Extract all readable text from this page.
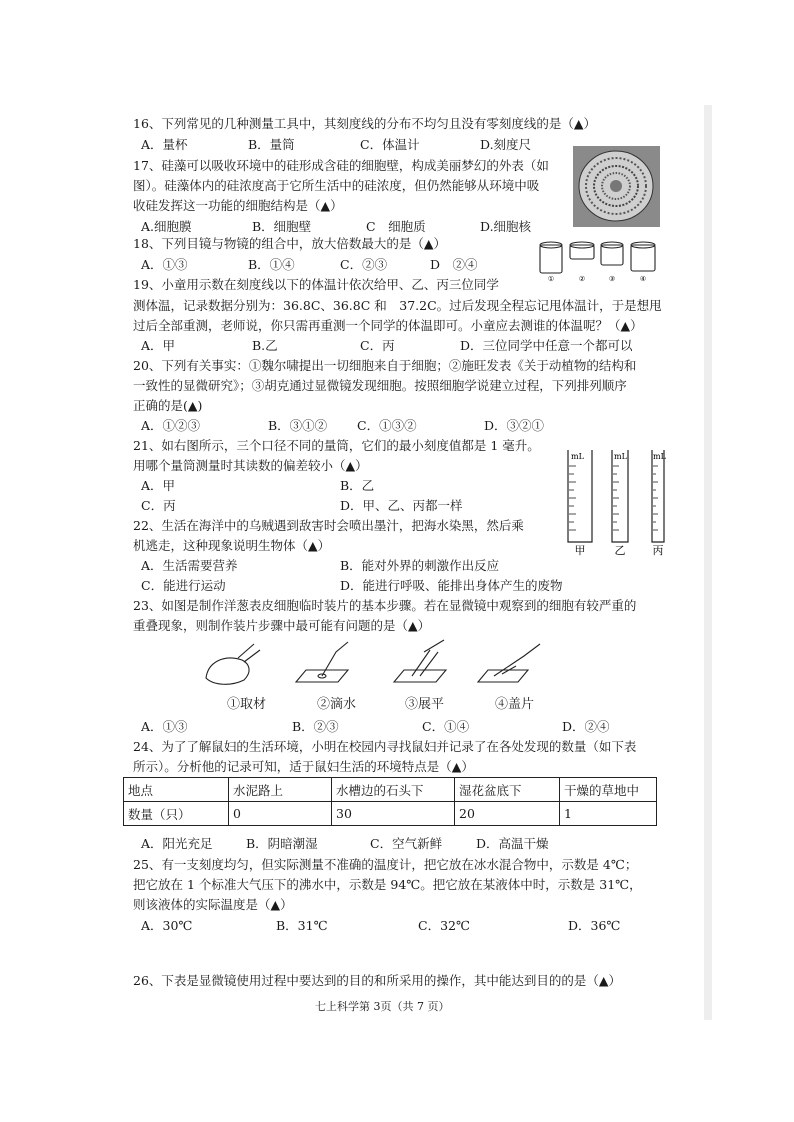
16、下列常见的几种测量工具中，其刻度线的分布不均匀且没有零刻度线的是（▲）
A．量杯	B．量筒	C．体温计	D.刻度尺
17、硅藻可以吸收环境中的硅形成含硅的细胞壁，构成美丽梦幻的外表（如
图）。硅藻体内的硅浓度高于它所生活中的硅浓度，但仍然能够从环境中吸
收硅发挥这一功能的细胞结构是（▲）
A.细胞膜	B．细胞壁	C　细胞质	D.细胞核
18、下列目镜与物镜的组合中，放大倍数最大的是（▲）
A．①③	B．①④	C．②③	D　②④
①	②	③	④
19、小童用示数在刻度线以下的体温计依次给甲、乙、丙三位同学
测体温，记录数据分别为：36.8C、36.8C 和　37.2C。过后发现全程忘记甩体温计，于是想甩
过后全部重测，老师说，你只需再重测一个同学的体温即可。小童应去测谁的体温呢？（▲）
A．甲	B.乙	C．丙	D．三位同学中任意一个都可以
20、下列有关事实：①魏尔啸提出一切细胞来自于细胞；②施旺发表《关于动植物的结构和
一致性的显微研究》；③胡克通过显微镜发现细胞。按照细胞学说建立过程，下列排列顺序
正确的是(▲)
A．①②③	B．③①② C．①③②	D．③②①
21、如右图所示，三个口径不同的量筒，它们的最小刻度值都是 1 毫升。
用哪个量筒测量时其读数的偏差较小（▲）
A．甲	B．乙
C．丙	D．甲、乙、丙都一样
mL	mL	mL
甲	乙 丙
22、生活在海洋中的乌贼遇到敌害时会喷出墨汁，把海水染黑，然后乘
机逃走，这种现象说明生物体（▲）
A．生活需要营养	B．能对外界的刺激作出反应
C．能进行运动	D．能进行呼吸、能排出身体产生的废物
23、如图是制作洋葱表皮细胞临时装片的基本步骤。若在显微镜中观察到的细胞有较严重的
重叠现象，则制作装片步骤中最可能有问题的是（▲）
①取材	②滴水	③展平	④盖片
A．①③	B．②③	C．①④	D．②④
24、为了了解鼠妇的生活环境，小明在校园内寻找鼠妇并记录了在各处发现的数量（如下表
所示）。分析他的记录可知，适于鼠妇生活的环境特点是（▲）
地点	水泥路上	水槽边的石头下	湿花盆底下	干燥的草地中
数量（只）	0	30	20	1
A．阳光充足	B．阴暗潮湿	C．空气新鲜	D．高温干燥
25、有一支刻度均匀，但实际测量不准确的温度计，把它放在冰水混合物中，示数是 4℃；
把它放在 1 个标准大气压下的沸水中，示数是 94℃。把它放在某液体中时，示数是 31℃，
则该液体的实际温度是（▲）
A．30℃	B．31℃	C．32℃	D．36℃
26、下表是显微镜使用过程中要达到的目的和所采用的操作，其中能达到目的的是（▲）
七上科学第 3页（共 7 页）
